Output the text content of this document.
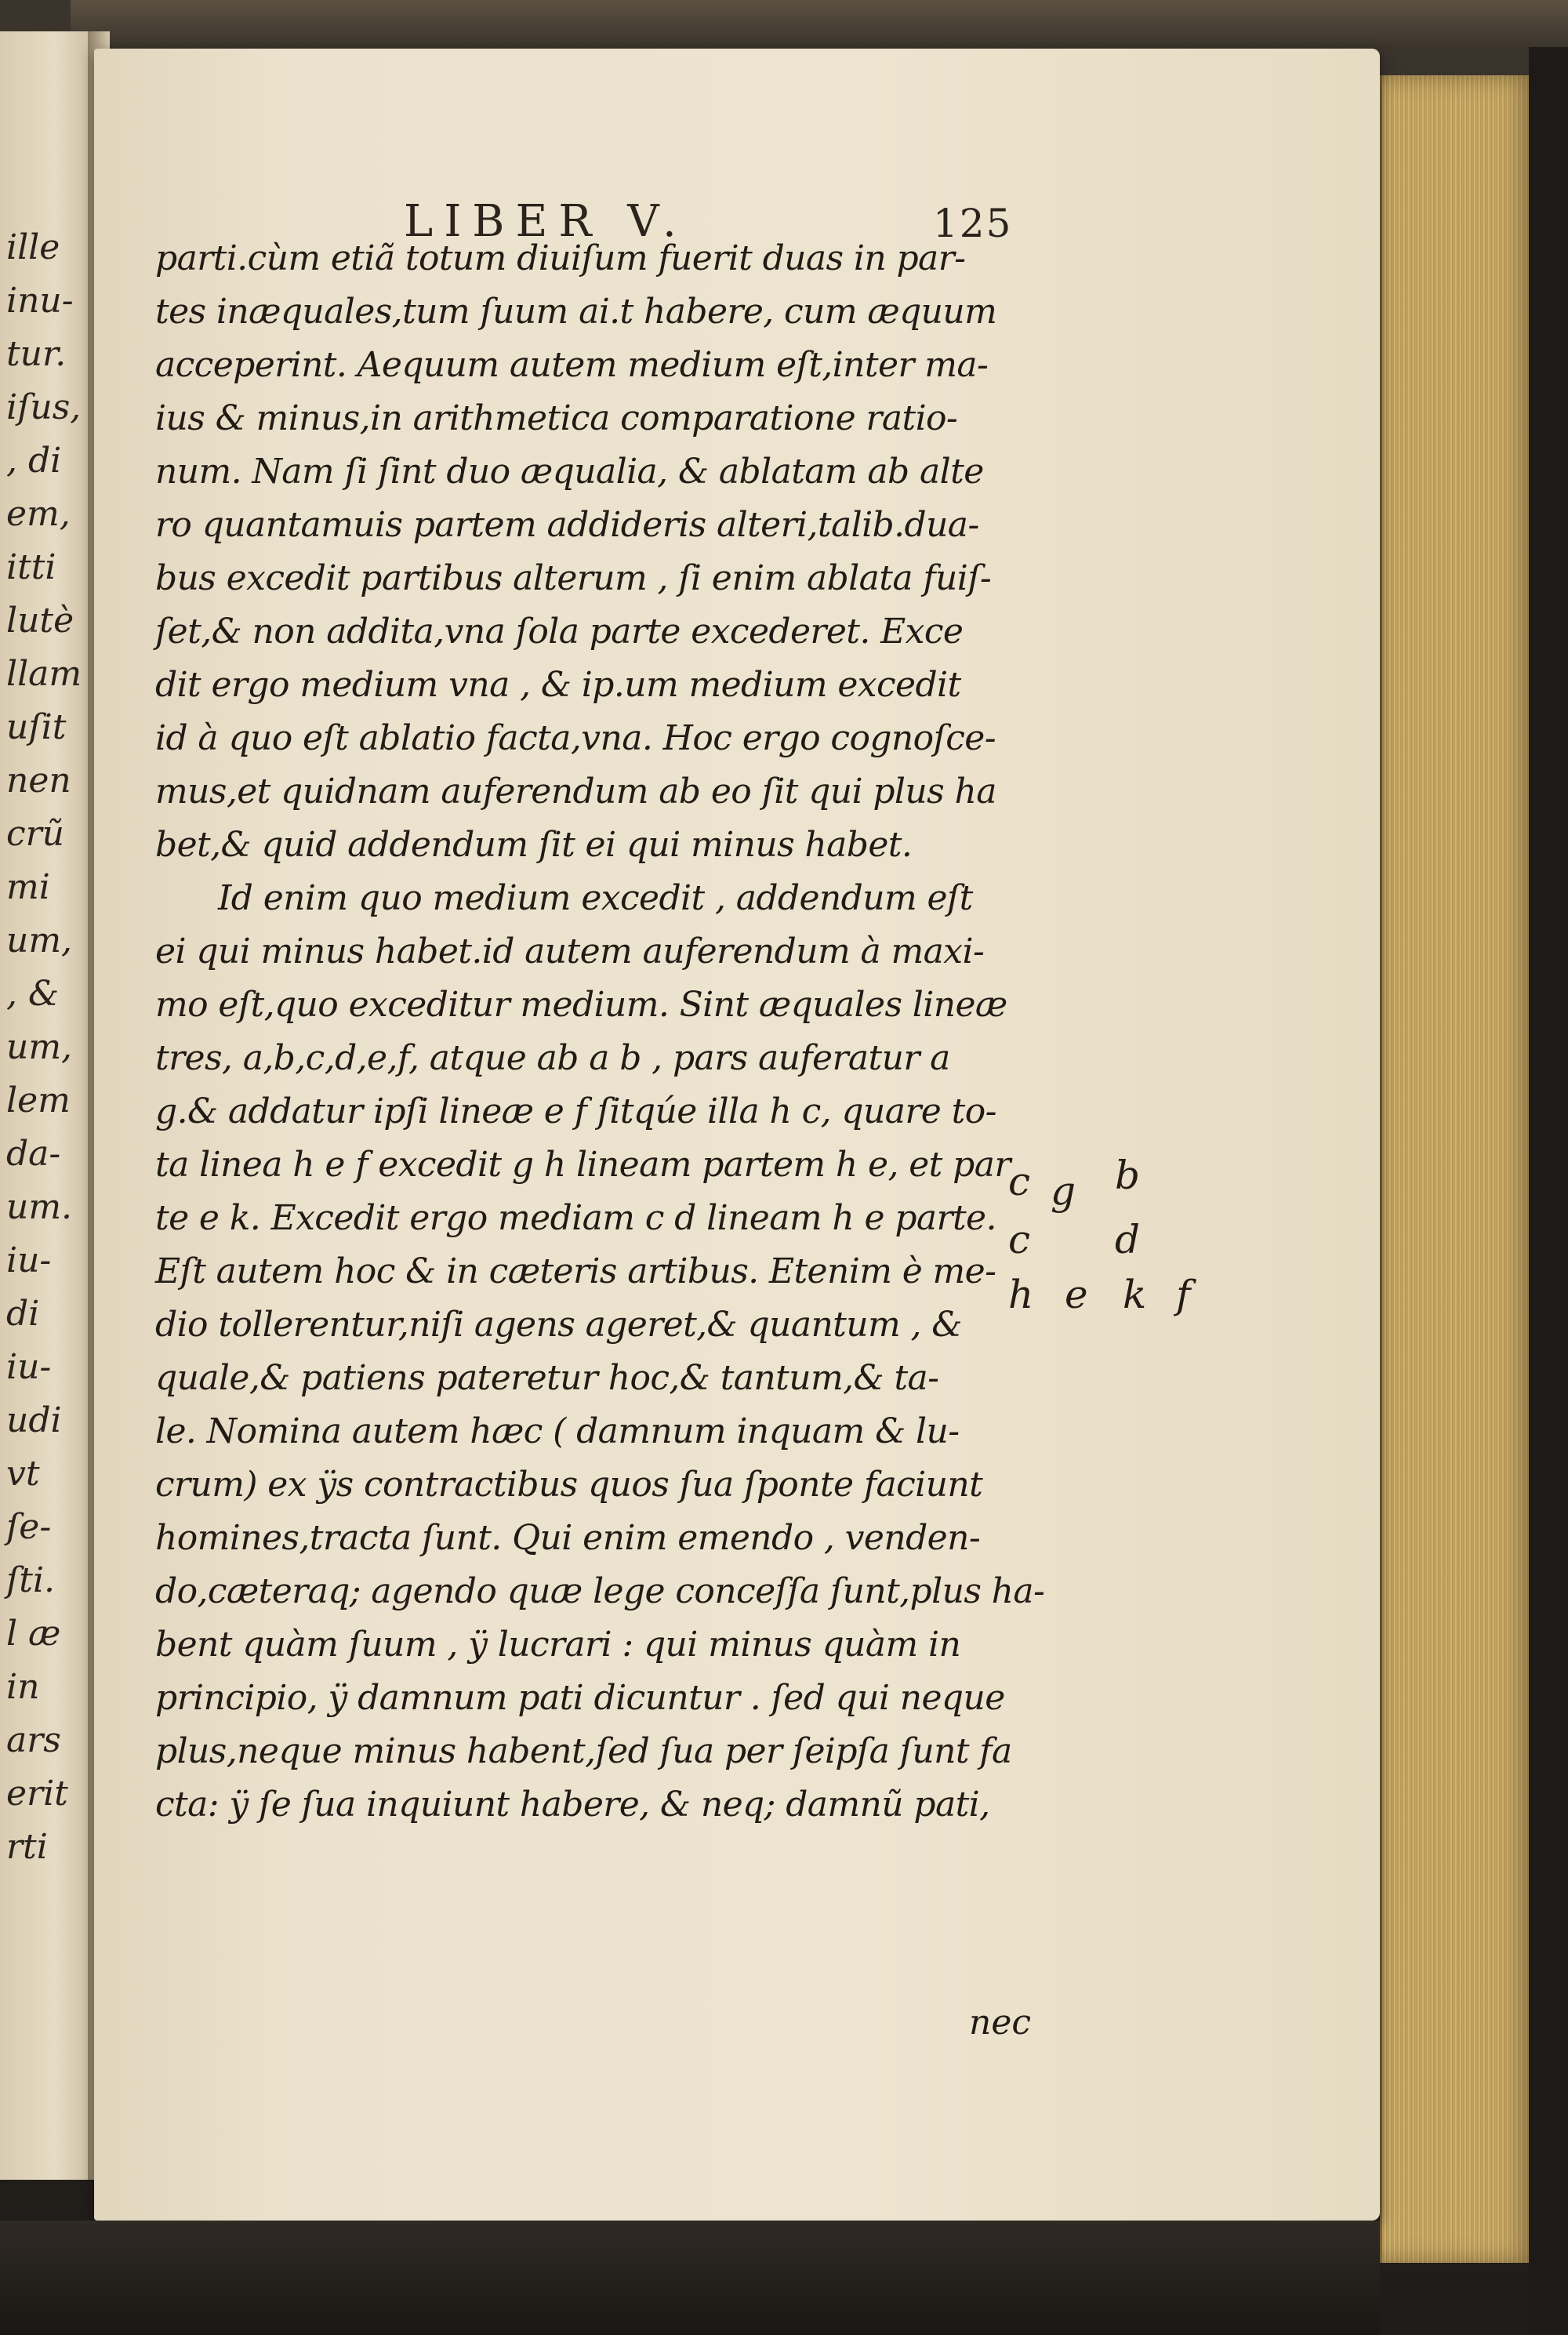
ille
inu-
tur.
iſus,
, di
em,
itti
lutè
llam
uſit
nen
crũ
mi
um,
, &
um,
lem
da-
um.
iu-
di
iu-
udi
vt
ſe-
ſti.
l æ
in
ars
erit
rti
LIBER V.	125
parti.cùm etiã totum diuiſum fuerit duas in par-
tes inæquales,tum ſuum ai.t habere, cum æquum
acceperint. Aequum autem medium eſt,inter ma-
ius & minus,in arithmetica comparatione ratio-
num. Nam ſi ſint duo æqualia, & ablatam ab alte
ro quantamuis partem addideris alteri,talib.dua-
bus excedit partibus alterum , ſi enim ablata fuiſ-
ſet,& non addita,vna ſola parte excederet. Exce
dit ergo medium vna , & ip.um medium excedit
id à quo eſt ablatio facta,vna. Hoc ergo cognoſce-
mus,et quidnam auferendum ab eo ſit qui plus ha
bet,& quid addendum ſit ei qui minus habet.
Id enim quo medium excedit , addendum eſt
ei qui minus habet.id autem auferendum à maxi-
mo eſt,quo exceditur medium. Sint æquales lineæ
tres, a,b,c,d,e,f, atque ab a b , pars auferatur a
g.& addatur ipſi lineæ e f ſitqúe illa h c, quare to-
ta linea h e f excedit g h lineam partem h e, et par
te e k. Excedit ergo mediam c d lineam h e parte.
Eſt autem hoc & in cæteris artibus. Etenim è me-
dio tollerentur,niſi agens ageret,& quantum , &
quale,& patiens pateretur hoc,& tantum,& ta-
le. Nomina autem hæc ( damnum inquam & lu-
crum) ex ÿs contractibus quos ſua ſponte faciunt
homines,tracta ſunt. Qui enim emendo , venden-
do,cæteraq; agendo quæ lege conceſſa ſunt,plus ha-
bent quàm ſuum , ÿ lucrari : qui minus quàm in
principio, ÿ damnum pati dicuntur . ſed qui neque
plus,neque minus habent,ſed ſua per ſeipſa ſunt fa
cta: ÿ ſe ſua inquiunt habere, & neq; damnũ pati,
nec
c g b
c d
h e k f
